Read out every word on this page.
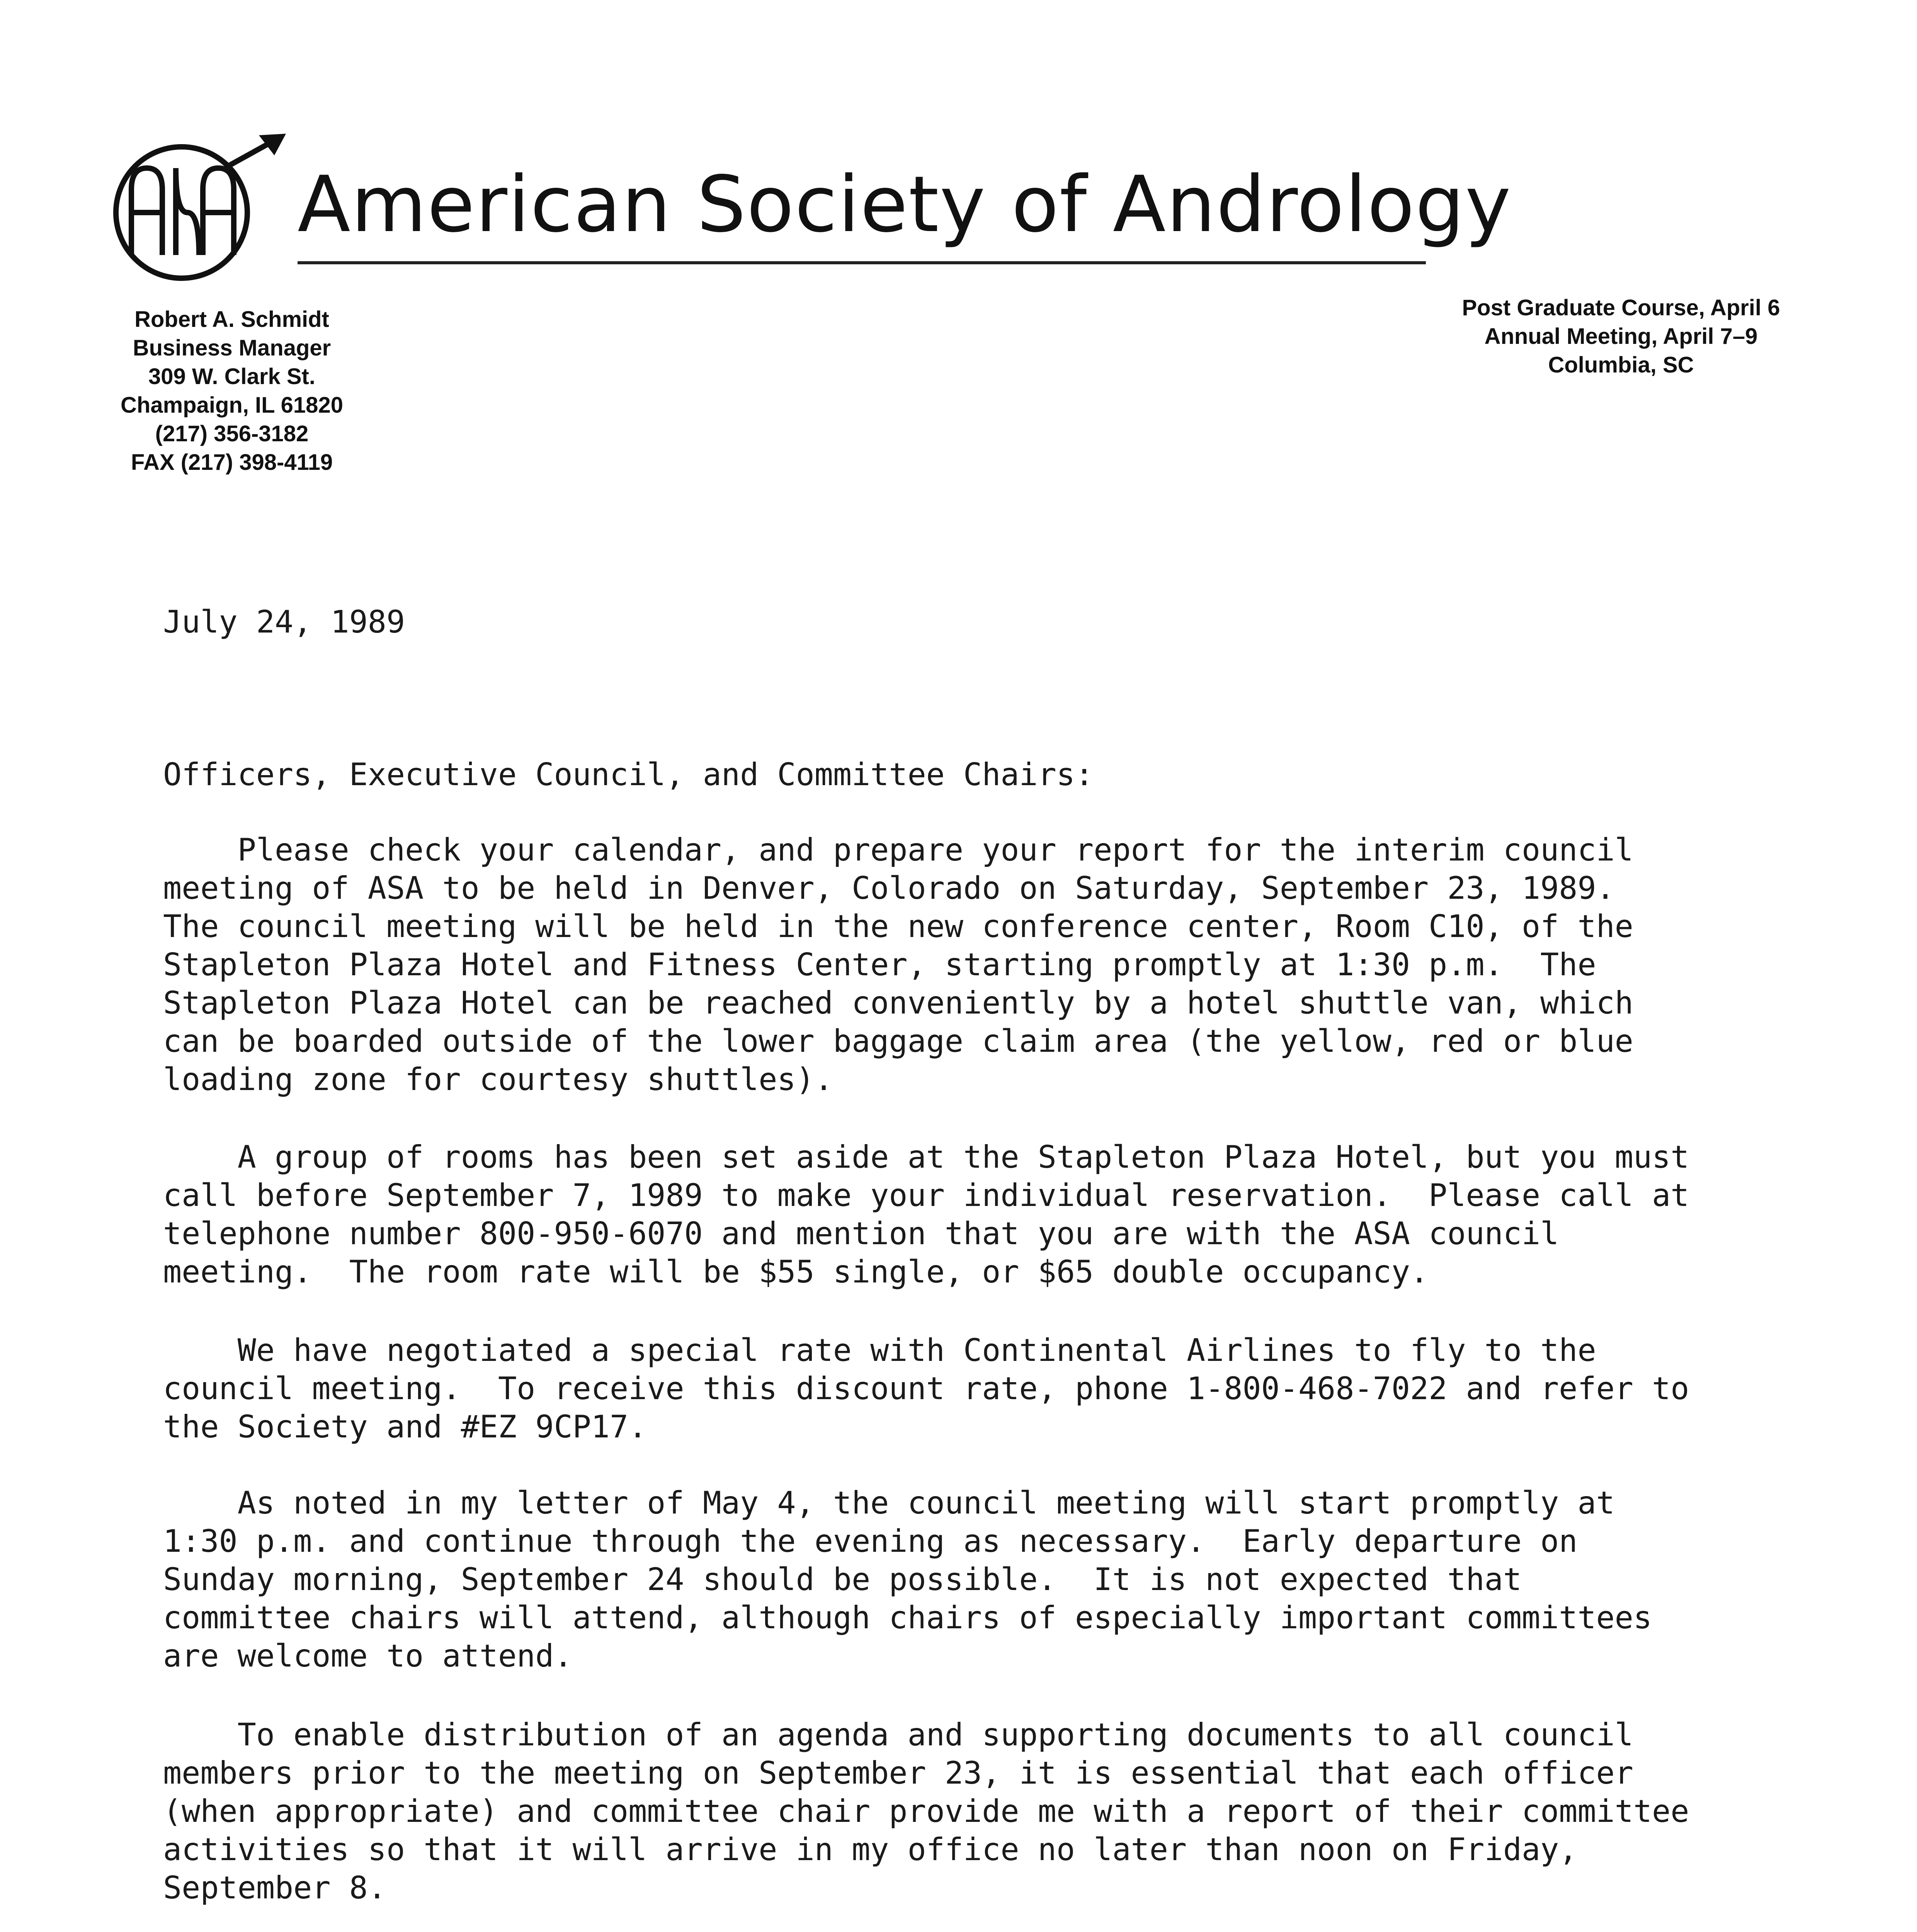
American Society of Andrology
Robert A. Schmidt
Business Manager
309 W. Clark St.
Champaign, IL 61820
(217) 356-3182
FAX (217) 398-4119
Post Graduate Course, April 6
Annual Meeting, April 7–9
Columbia, SC
July 24, 1989
Officers, Executive Council, and Committee Chairs:
Please check your calendar, and prepare your report for the interim council
meeting of ASA to be held in Denver, Colorado on Saturday, September 23, 1989.
The council meeting will be held in the new conference center, Room C10, of the
Stapleton Plaza Hotel and Fitness Center, starting promptly at 1:30 p.m.  The
Stapleton Plaza Hotel can be reached conveniently by a hotel shuttle van, which
can be boarded outside of the lower baggage claim area (the yellow, red or blue
loading zone for courtesy shuttles).
A group of rooms has been set aside at the Stapleton Plaza Hotel, but you must
call before September 7, 1989 to make your individual reservation.  Please call at
telephone number 800-950-6070 and mention that you are with the ASA council
meeting.  The room rate will be $55 single, or $65 double occupancy.
We have negotiated a special rate with Continental Airlines to fly to the
council meeting.  To receive this discount rate, phone 1-800-468-7022 and refer to
the Society and #EZ 9CP17.
As noted in my letter of May 4, the council meeting will start promptly at
1:30 p.m. and continue through the evening as necessary.  Early departure on
Sunday morning, September 24 should be possible.  It is not expected that
committee chairs will attend, although chairs of especially important committees
are welcome to attend.
To enable distribution of an agenda and supporting documents to all council
members prior to the meeting on September 23, it is essential that each officer
(when appropriate) and committee chair provide me with a report of their committee
activities so that it will arrive in my office no later than noon on Friday,
September 8.
